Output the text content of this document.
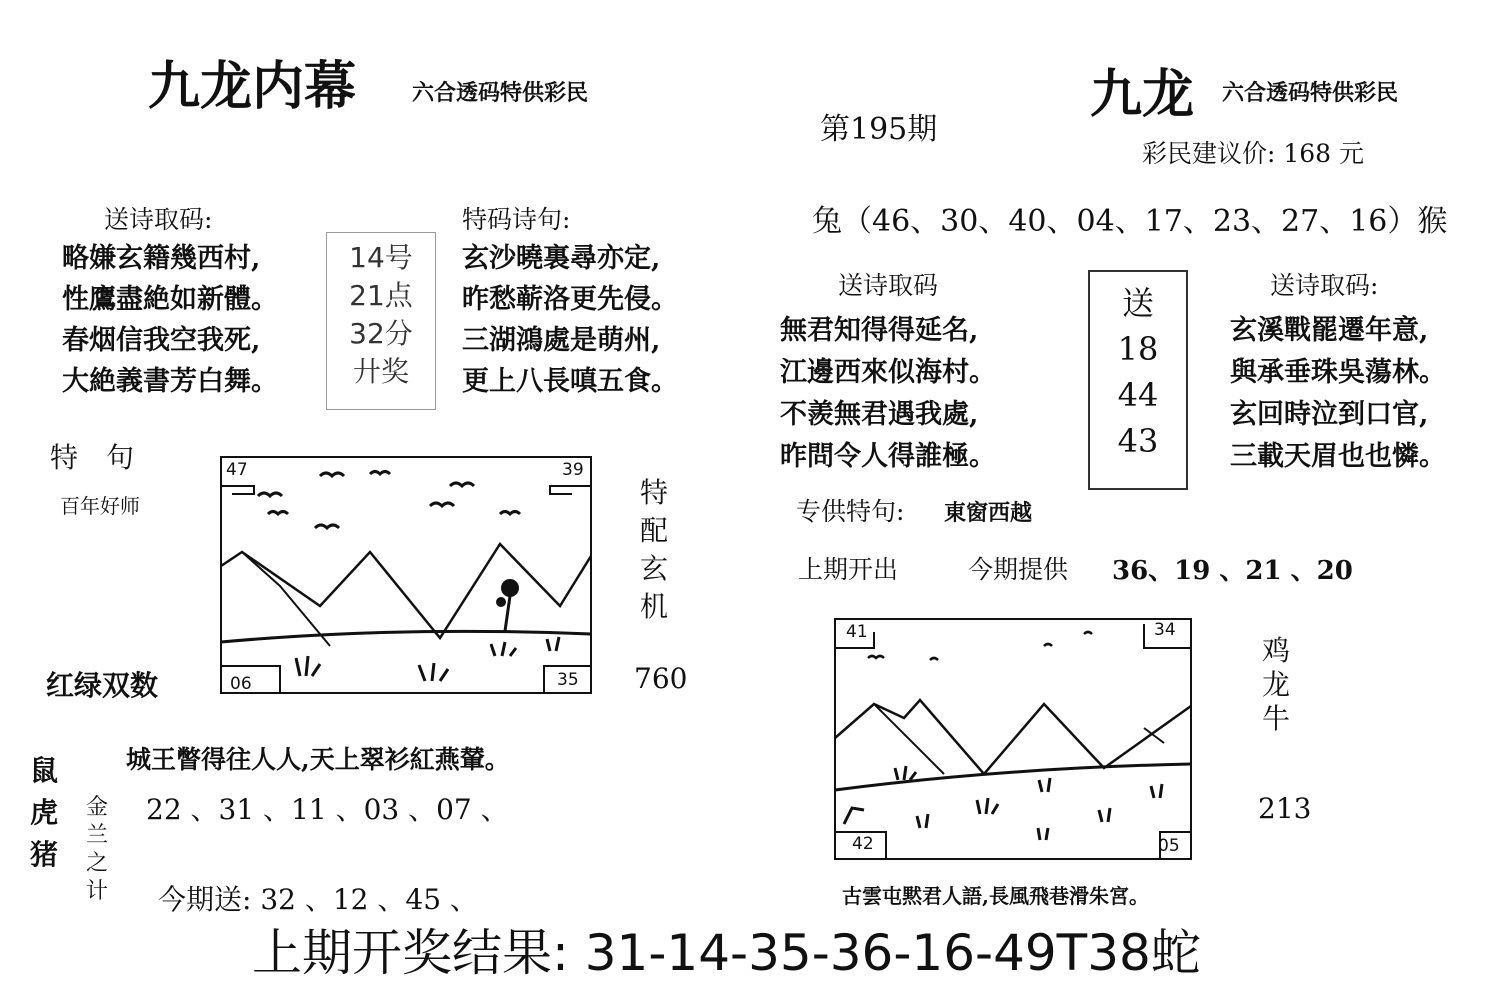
九龙内幕	六合透码特供彩民
送诗取码:
略嫌玄籍幾西村,
性鷹盡絶如新體。
春烟信我空我死,
大絶義書芳白舞。
14号
21点
32分
廾奖
特码诗句:
玄沙曉裏尋亦定,
昨愁蕲洛更先侵。
三湖鴻處是萌州,
更上八長嗔五食。
特　句
百年好师
47	39
06	35
特
配
玄
机
红绿双数	760
城王瞥得往人人,天上翠衫紅燕輦。
鼠
虎
猪
金
兰
之
计
22 、31 、11 、03 、07 、
今期送: 32 、12 、45 、
第195期
九龙 六合透码特供彩民
彩民建议价: 168 元
兔（46、30、40、04、17、23、27、16）猴
送诗取码
無君知得得延名,
江邊西來似海村。
不羨無君遇我處,
昨問令人得誰極。
送
18
44
43
送诗取码:
玄溪戰罷遷年意,
與承垂珠吳蕩林。
玄回時泣到口官,
三載天眉也也憐。
专供特句: 東窗西越
上期开出	今期提供 36、19 、21 、20
41	34
42	05
鸡
龙
牛
213
古雲屯黙君人語,長風飛巷滑朱宮。
上期开奖结果: 31-14-35-36-16-49T38蛇
